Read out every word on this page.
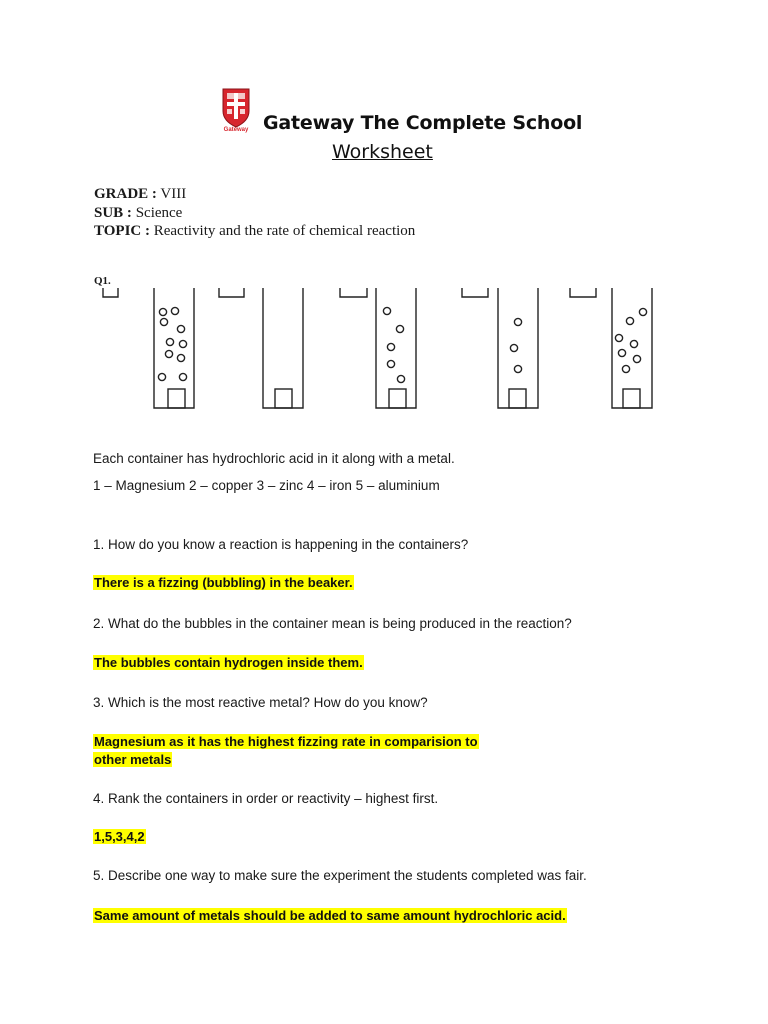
Gateway Gateway The Complete School
Worksheet
GRADE : VIII
SUB : Science
TOPIC : Reactivity and the rate of chemical reaction
Q1.
Each container has hydrochloric acid in it along with a metal.
1 – Magnesium 2 – copper 3 – zinc 4 – iron 5 – aluminium
1. How do you know a reaction is happening in the containers?
There is a fizzing (bubbling) in the beaker.
2. What do the bubbles in the container mean is being produced in the reaction?
The bubbles contain hydrogen inside them.
3. Which is the most reactive metal? How do you know?
Magnesium as it has the highest fizzing rate in comparision to
other metals
4. Rank the containers in order or reactivity – highest first.
1,5,3,4,2
5. Describe one way to make sure the experiment the students completed was fair.
Same amount of metals should be added to same amount hydrochloric acid.
